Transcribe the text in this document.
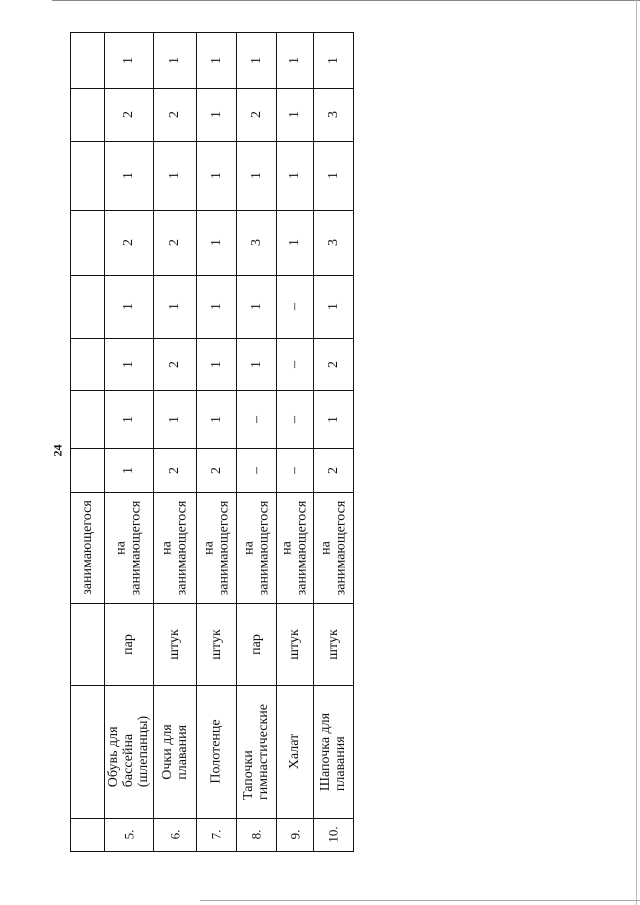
24
занимающегося
5.
Обувь для
бассейна
(шлепанцы)
пар
на
занимающегося
1
1
1
1
2
1
2
1
6.
Очки для
плавания
штук
на
занимающегося
2
1
2
1
2
1
2
1
7.
Полотенце
штук
на
занимающегося
2
1
1
1
1
1
1
1
8.
Тапочки
гимнастические
пар
на
занимающегося
–
–
1
1
3
1
2
1
9.
Халат
штук
на
занимающегося
–
–
–
–
1
1
1
1
10.
Шапочка для
плавания
штук
на
занимающегося
2
1
2
1
3
1
3
1
